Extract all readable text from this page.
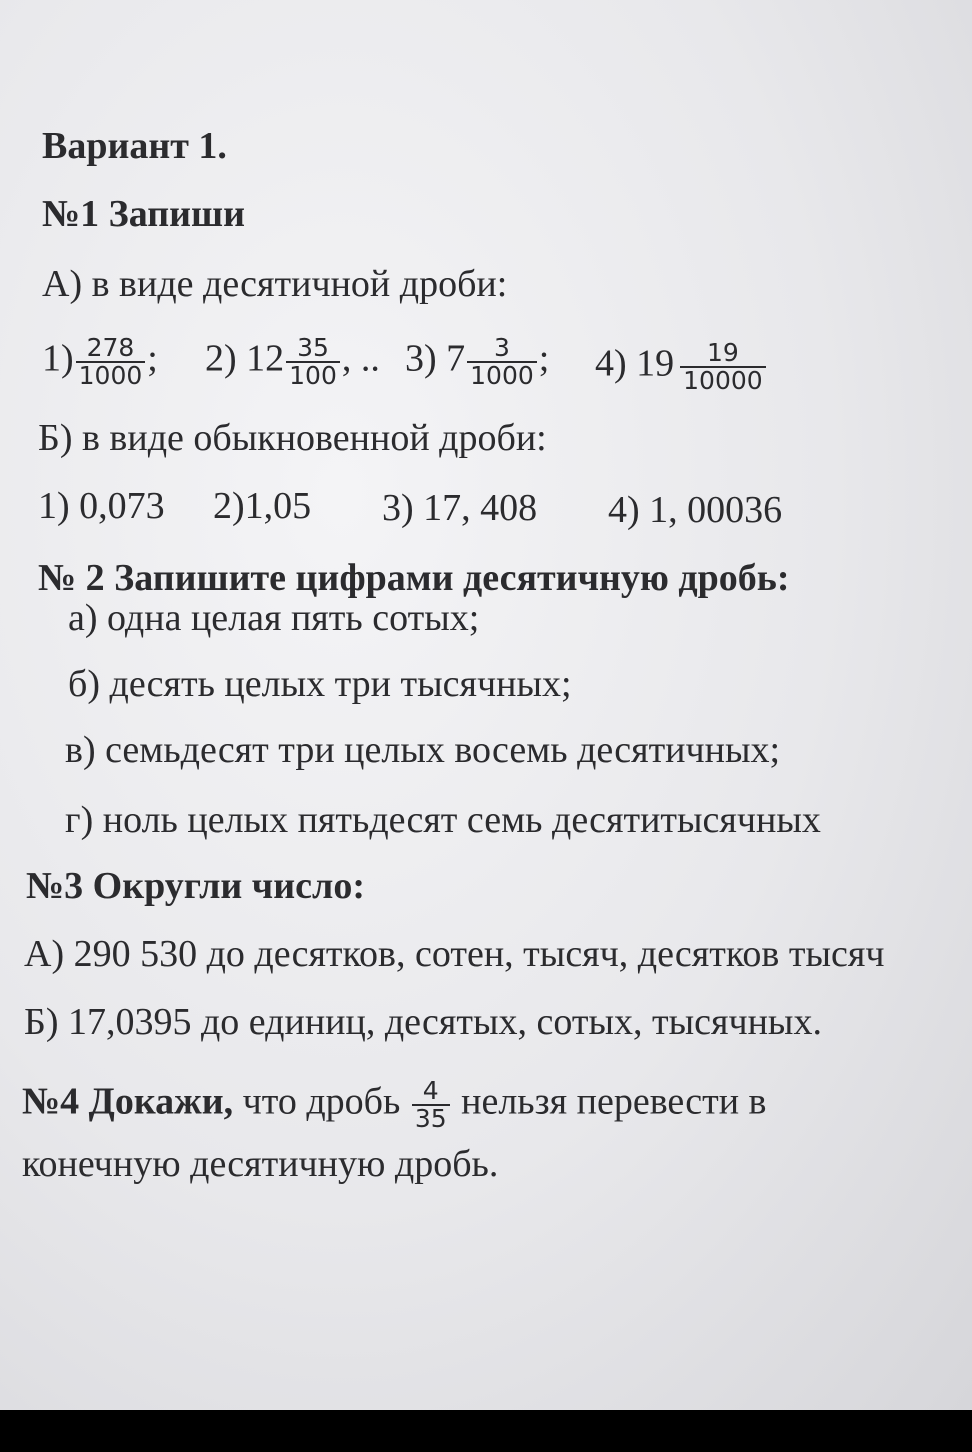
Вариант 1.
№1 Запиши
А) в виде десятичной дроби:
$1) \frac{278}{1000}$ ; 2) $12 \frac{35}{100}$ , .. 3) $7 \frac{3}{1000}$ ; 4) $19 \frac{19}{10000}$
Б) в виде обыкновенной дроби:
1) 0,073 2)1,05 3) 17, 408 4) 1, 00036
№ 2 Запишите цифрами десятичную дробь:
а) одна целая пять сотых;
б) десять целых три тысячных;
в) семьдесят три целых восемь десятичных;
г) ноль целых пятьдесят семь десятитысячных
№3 Округли число:
А) 290 530 до десятков, сотен, тысяч, десятков тысяч
Б) 17,0395 до единиц, десятых, сотых, тысячных.
№4 Докажи, что дробь $\frac{4}{35}$ нельзя перевести в
конечную десятичную дробь.
